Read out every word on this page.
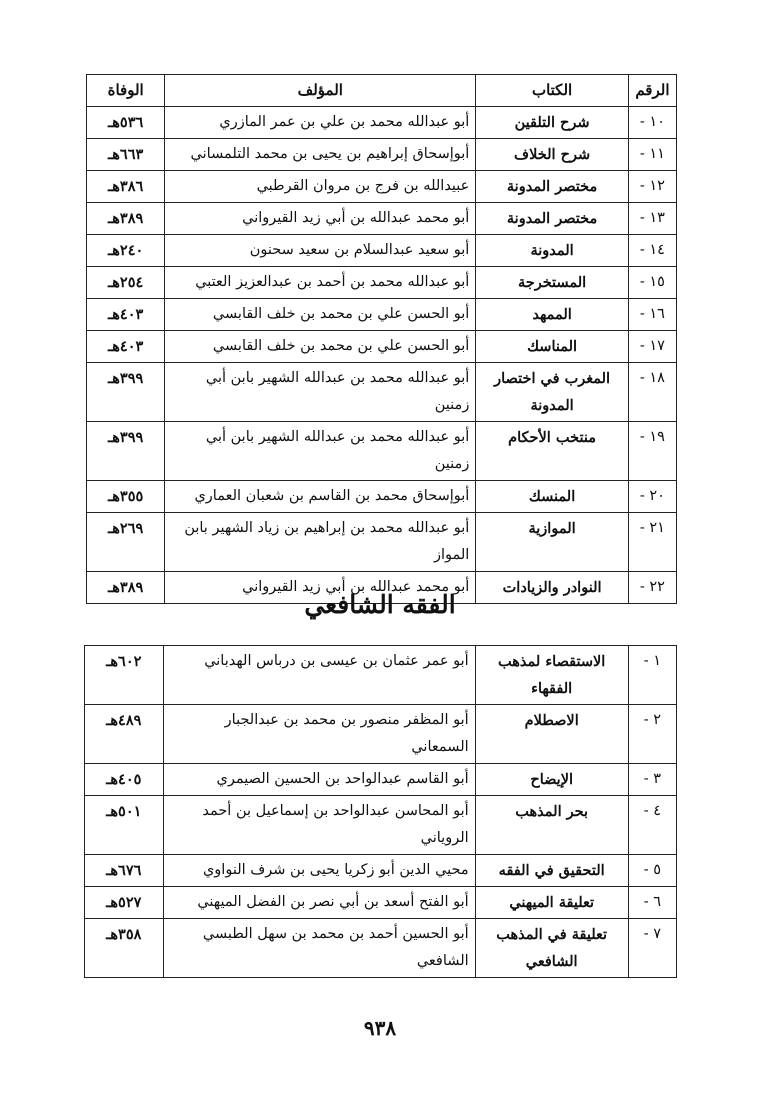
الرقم	الكتاب	المؤلف	الوفاة
١٠ -	شرح التلقين	أبو عبدالله محمد بن علي بن عمر المازري	٥٣٦هـ
١١ -	شرح الخلاف	أبوإسحاق إبراهيم بن يحيى بن محمد التلمساني	٦٦٣هـ
١٢ -	مختصر المدونة	عبيدالله بن فرج بن مروان القرطبي	٣٨٦هـ
١٣ -	مختصر المدونة	أبو محمد عبدالله بن أبي زيد القيرواني	٣٨٩هـ
١٤ -	المدونة	أبو سعيد عبدالسلام بن سعيد سحنون	٢٤٠هـ
١٥ -	المستخرجة	أبو عبدالله محمد بن أحمد بن عبدالعزيز العتبي	٢٥٤هـ
١٦ -	الممهد	أبو الحسن علي بن محمد بن خلف القابسي	٤٠٣هـ
١٧ -	المناسك	أبو الحسن علي بن محمد بن خلف القابسي	٤٠٣هـ
١٨ -	المغرب في اختصار المدونة	أبو عبدالله محمد بن عبدالله الشهير بابن أبي زمنين	٣٩٩هـ
١٩ -	منتخب الأحكام	أبو عبدالله محمد بن عبدالله الشهير بابن أبي زمنين	٣٩٩هـ
٢٠ -	المنسك	أبوإسحاق محمد بن القاسم بن شعبان العماري	٣٥٥هـ
٢١ -	الموازية	أبو عبدالله محمد بن إبراهيم بن زياد الشهير بابن المواز	٢٦٩هـ
٢٢ -	النوادر والزيادات	أبو محمد عبدالله بن أبي زيد القيرواني	٣٨٩هـ
الفقه الشافعي
١ -	الاستقصاء لمذهب الفقهاء	أبو عمر عثمان بن عيسى بن درباس الهدباني	٦٠٢هـ
٢ -	الاصطلام	أبو المظفر منصور بن محمد بن عبدالجبار السمعاني	٤٨٩هـ
٣ -	الإيضاح	أبو القاسم عبدالواحد بن الحسين الصيمري	٤٠٥هـ
٤ -	بحر المذهب	أبو المحاسن عبدالواحد بن إسماعيل بن أحمد الروياني	٥٠١هـ
٥ -	التحقيق في الفقه	محيي الدين أبو زكريا يحيى بن شرف النواوي	٦٧٦هـ
٦ -	تعليقة الميهني	أبو الفتح أسعد بن أبي نصر بن الفضل الميهني	٥٢٧هـ
٧ -	تعليقة في المذهب الشافعي	أبو الحسين أحمد بن محمد بن سهل الطبسي الشافعي	٣٥٨هـ
٩٣٨
